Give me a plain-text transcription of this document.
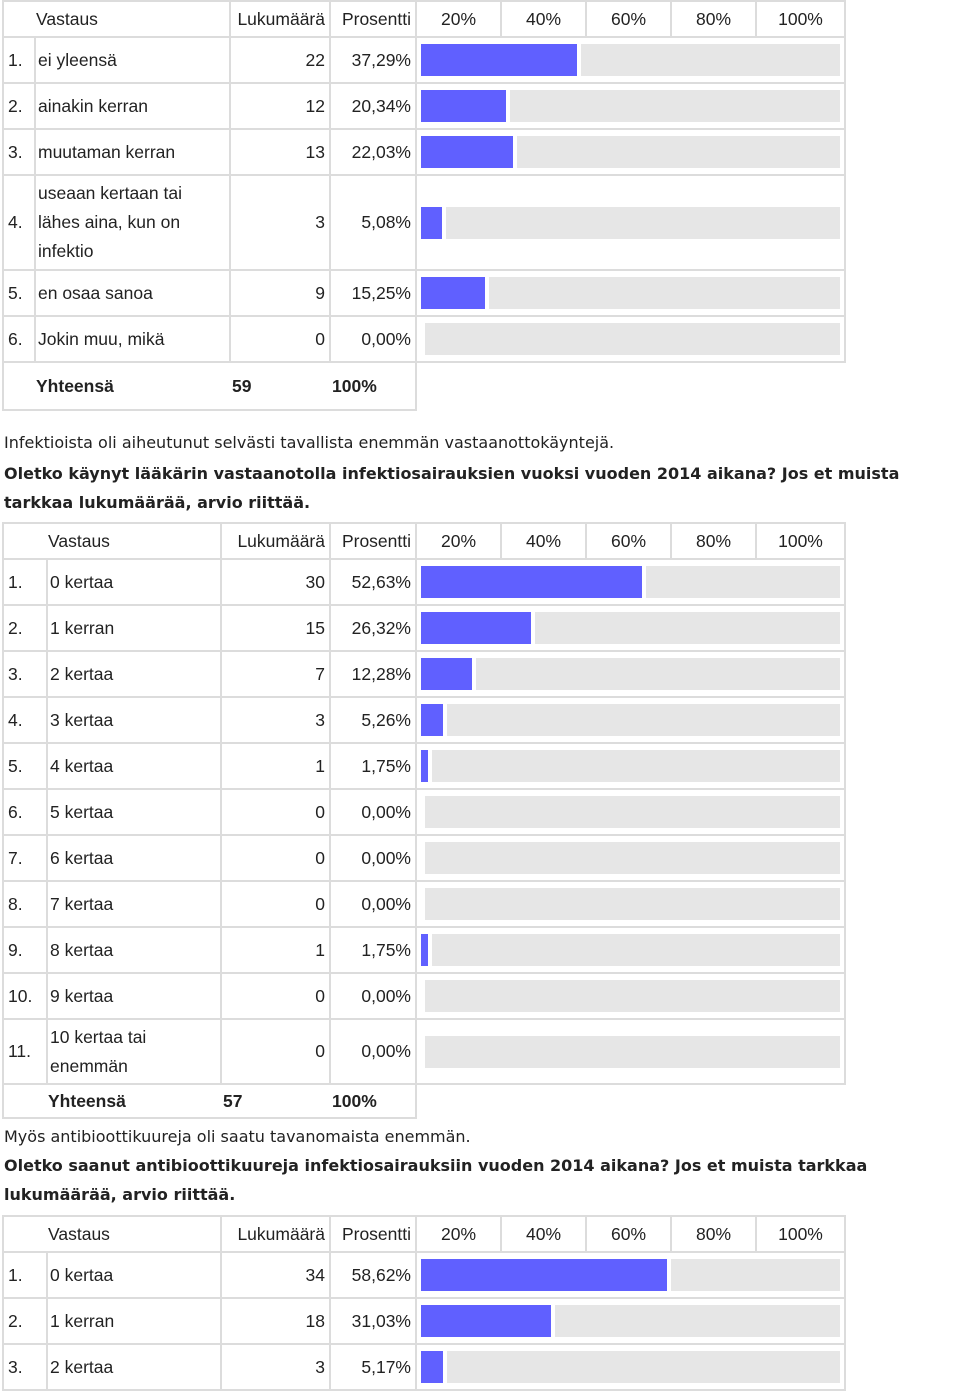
Vastaus		Lukumäärä	Prosentti	20%	40%	60%	80%	100%
1.	ei yleensä	22	37,29%					

2.	ainakin kerran	12	20,34%					

3.	muutaman kerran	13	22,03%					

4.	useaan kertaan tai lähes aina, kun on infektio	3	5,08%					

5.	en osaa sanoa	9	15,25%					

6.	Jokin muu, mikä	0	0,00%					

Yhteensä		59	100%					

Infektioista oli aiheutunut selvästi tavallista enemmän vastaanottokäyntejä.

Oletko käynyt lääkärin vastaanotolla infektiosairauksien vuoksi vuoden 2014 aikana? Jos et muista tarkkaa lukumäärää, arvio riittää.

Vastaus		Lukumäärä	Prosentti	20%	40%	60%	80%	100%
1.	0 kertaa	30	52,63%					

2.	1 kerran	15	26,32%					

3.	2 kertaa	7	12,28%					

4.	3 kertaa	3	5,26%					

5.	4 kertaa	1	1,75%					

6.	5 kertaa	0	0,00%					

7.	6 kertaa	0	0,00%					

8.	7 kertaa	0	0,00%					

9.	8 kertaa	1	1,75%					

10.	9 kertaa	0	0,00%					

11.	10 kertaa tai enemmän	0	0,00%					

Yhteensä		57	100%					

Myös antibioottikuureja oli saatu tavanomaista enemmän.

Oletko saanut antibioottikuureja infektiosairauksiin vuoden 2014 aikana? Jos et muista tarkkaa lukumäärää, arvio riittää.

Vastaus		Lukumäärä	Prosentti	20%	40%	60%	80%	100%
1.	0 kertaa	34	58,62%					

2.	1 kerran	18	31,03%					

3.	2 kertaa	3	5,17%					
